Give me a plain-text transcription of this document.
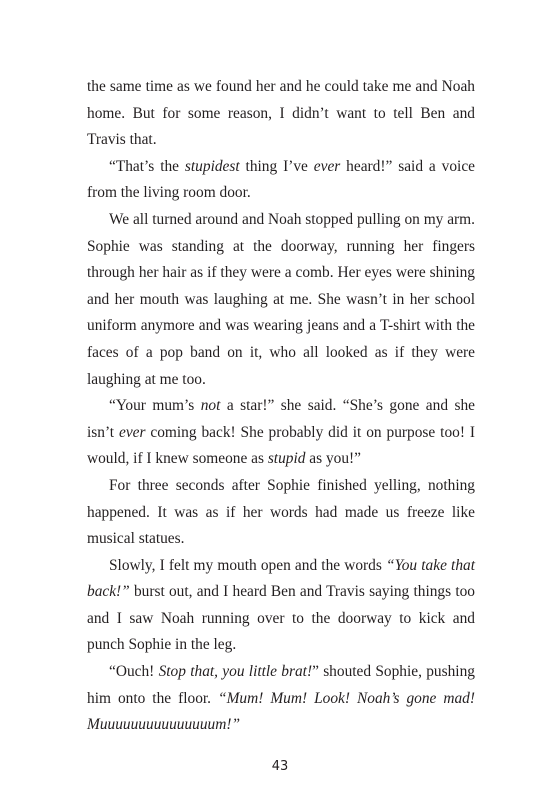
the same time as we found her and he could take me and Noah home. But for some reason, I didn’t want to tell Ben and Travis that.

“That’s the stupidest thing I’ve ever heard!” said a voice from the living room door.

We all turned around and Noah stopped pulling on my arm. Sophie was standing at the doorway, running her fingers through her hair as if they were a comb. Her eyes were shining and her mouth was laughing at me. She wasn’t in her school uniform anymore and was wearing jeans and a T-shirt with the faces of a pop band on it, who all looked as if they were laughing at me too.

“Your mum’s not a star!” she said. “She’s gone and she isn’t ever coming back! She probably did it on purpose too! I would, if I knew someone as stupid as you!”

For three seconds after Sophie finished yelling, nothing happened. It was as if her words had made us freeze like musical statues.

Slowly, I felt my mouth open and the words “You take that back!” burst out, and I heard Ben and Travis saying things too and I saw Noah running over to the doorway to kick and punch Sophie in the leg.

“Ouch! Stop that, you little brat!” shouted Sophie, pushing him onto the floor. “Mum! Mum! Look! Noah’s gone mad! Muuuuuuuuuuuuuuum!”

43
